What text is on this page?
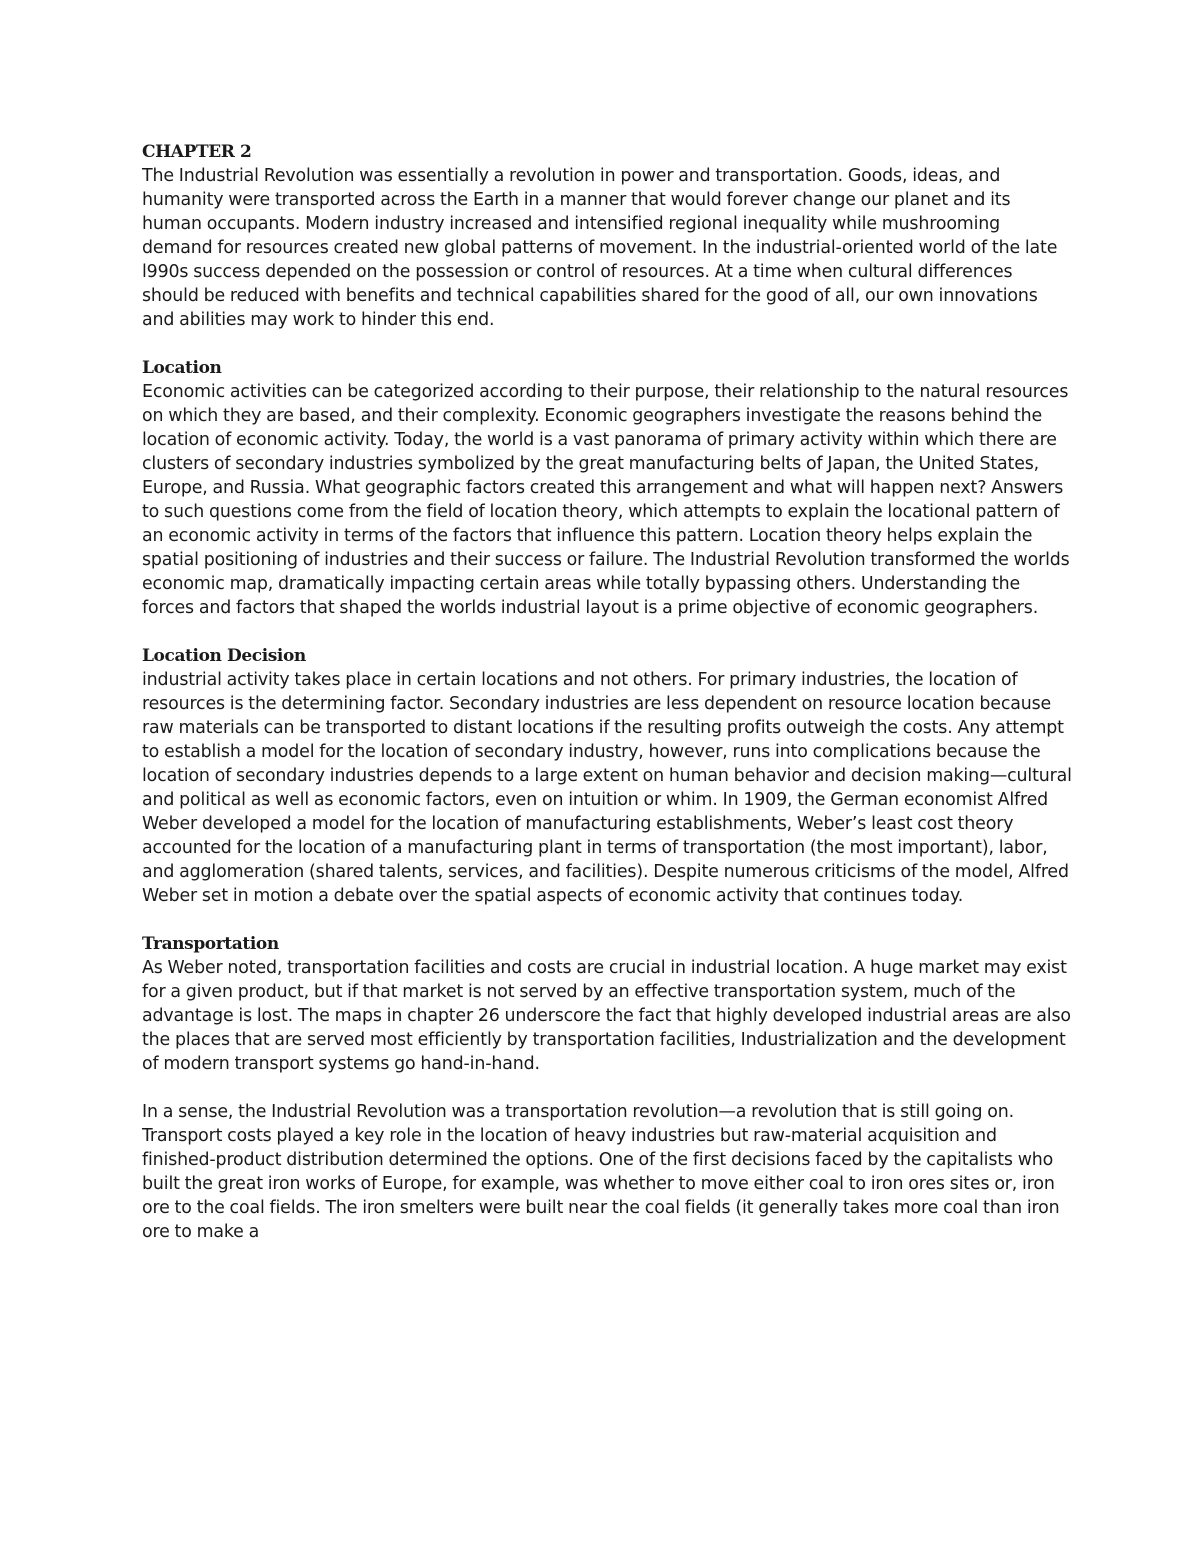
CHAPTER 2

The Industrial Revolution was essentially a revolution in power and transportation. Goods, ideas, and humanity were transported across the Earth in a manner that would forever change our planet and its human occupants. Modern industry increased and intensified regional inequality while mushrooming demand for resources created new global patterns of movement. In the industrial-oriented world of the late l990s success depended on the possession or control of resources. At a time when cultural differences should be reduced with benefits and technical capabilities shared for the good of all, our own innovations and abilities may work to hinder this end.

Location

Economic activities can be categorized according to their purpose, their relationship to the natural resources on which they are based, and their complexity. Economic geographers investigate the reasons behind the location of economic activity. Today, the world is a vast panorama of primary activity within which there are clusters of secondary industries symbolized by the great manufacturing belts of Japan, the United States, Europe, and Russia. What geographic factors created this arrangement and what will happen next? Answers to such questions come from the field of location theory, which attempts to explain the locational pattern of an economic activity in terms of the factors that influence this pattern. Location theory helps explain the spatial positioning of industries and their success or failure. The Industrial Revolution transformed the worlds economic map, dramatically impacting certain areas while totally bypassing others. Understanding the forces and factors that shaped the worlds industrial layout is a prime objective of economic geographers.

Location Decision

industrial activity takes place in certain locations and not others. For primary industries, the location of resources is the determining factor. Secondary industries are less dependent on resource location because raw materials can be transported to distant locations if the resulting profits outweigh the costs. Any attempt to establish a model for the location of secondary industry, however, runs into complications because the location of secondary industries depends to a large extent on human behavior and decision making—cultural and political as well as economic factors, even on intuition or whim. In 1909, the German economist Alfred Weber developed a model for the location of manufacturing establishments, Weber’s least cost theory accounted for the location of a manufacturing plant in terms of transportation (the most important), labor, and agglomeration (shared talents, services, and facilities). Despite numerous criticisms of the model, Alfred Weber set in motion a debate over the spatial aspects of economic activity that continues today.

Transportation

As Weber noted, transportation facilities and costs are crucial in industrial location. A huge market may exist for a given product, but if that market is not served by an effective transportation system, much of the advantage is lost. The maps in chapter 26 underscore the fact that highly developed industrial areas are also the places that are served most efficiently by transportation facilities, Industrialization and the development of modern transport systems go hand-in-hand.

In a sense, the Industrial Revolution was a transportation revolution—a revolution that is still going on. Transport costs played a key role in the location of heavy industries but raw-material acquisition and finished-product distribution determined the options. One of the first decisions faced by the capitalists who built the great iron works of Europe, for example, was whether to move either coal to iron ores sites or, iron ore to the coal fields. The iron smelters were built near the coal fields (it generally takes more coal than iron ore to make a
